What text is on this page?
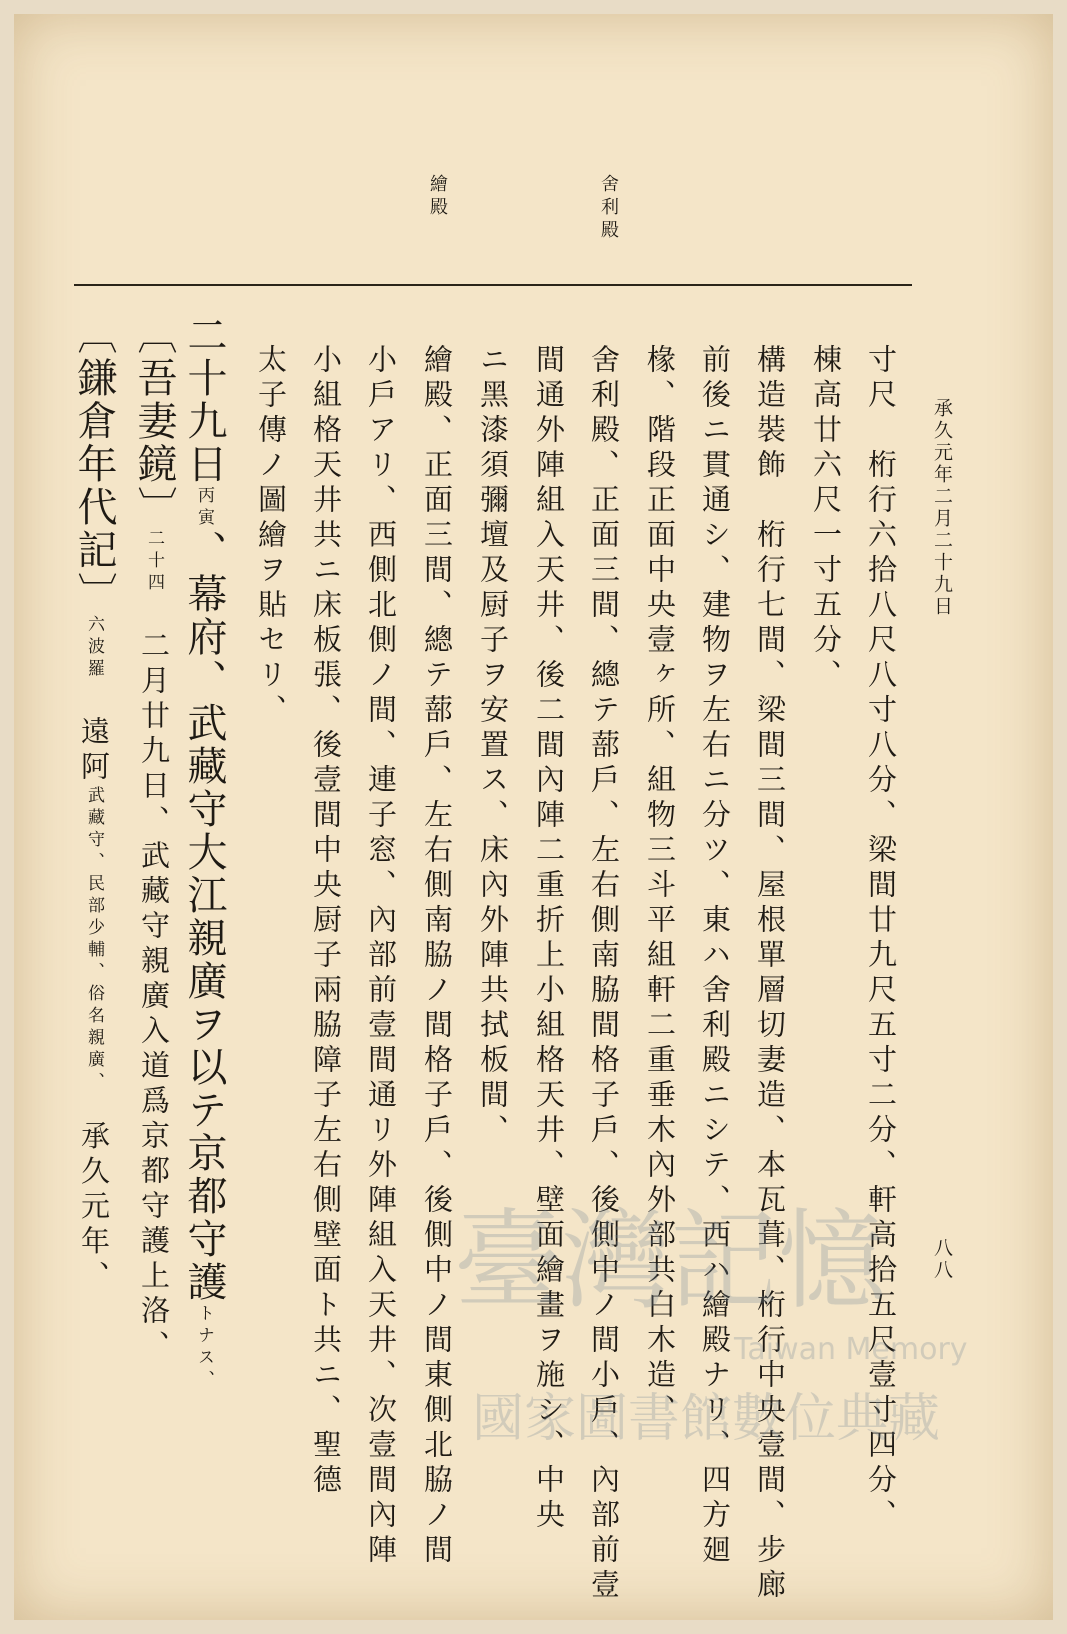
承久元年二月二十九日
八八
舍利殿
繪殿
寸尺　桁行六拾八尺八寸八分、梁間廿九尺五寸二分、軒高拾五尺壹寸四分、
棟高廿六尺一寸五分、
構造裝飾　桁行七間、梁間三間、屋根單層切妻造、本瓦葺、桁行中央壹間、步廊
前後ニ貫通シ、建物ヲ左右ニ分ツ、東ハ舍利殿ニシテ、西ハ繪殿ナリ、四方廻
椽、階段正面中央壹ヶ所、組物三斗平組軒二重垂木內外部共白木造、
舍利殿、正面三間、總テ蔀戶、左右側南脇間格子戶、後側中ノ間小戶、內部前壹
間通外陣組入天井、後二間內陣二重折上小組格天井、壁面繪畫ヲ施シ、中央
ニ黑漆須彌壇及厨子ヲ安置ス、床內外陣共拭板間、
繪殿、正面三間、總テ蔀戶、左右側南脇ノ間格子戶、後側中ノ間東側北脇ノ間
小戶アリ、西側北側ノ間、連子窓、內部前壹間通リ外陣組入天井、次壹間內陣
小組格天井共ニ床板張、後壹間中央厨子兩脇障子左右側壁面ト共ニ、聖德
太子傳ノ圖繪ヲ貼セリ、
二十九日丙寅、幕府、武藏守大江親廣ヲ以テ京都守護トナス、
〔吾妻鏡〕二十四　二月廿九日、武藏守親廣入道爲京都守護上洛、
〔鎌倉年代記〕六波羅　遠阿武藏守、民部少輔、俗名親廣、　承久元年、	臺灣記憶
Taiwan Memory
國家圖書館數位典藏
